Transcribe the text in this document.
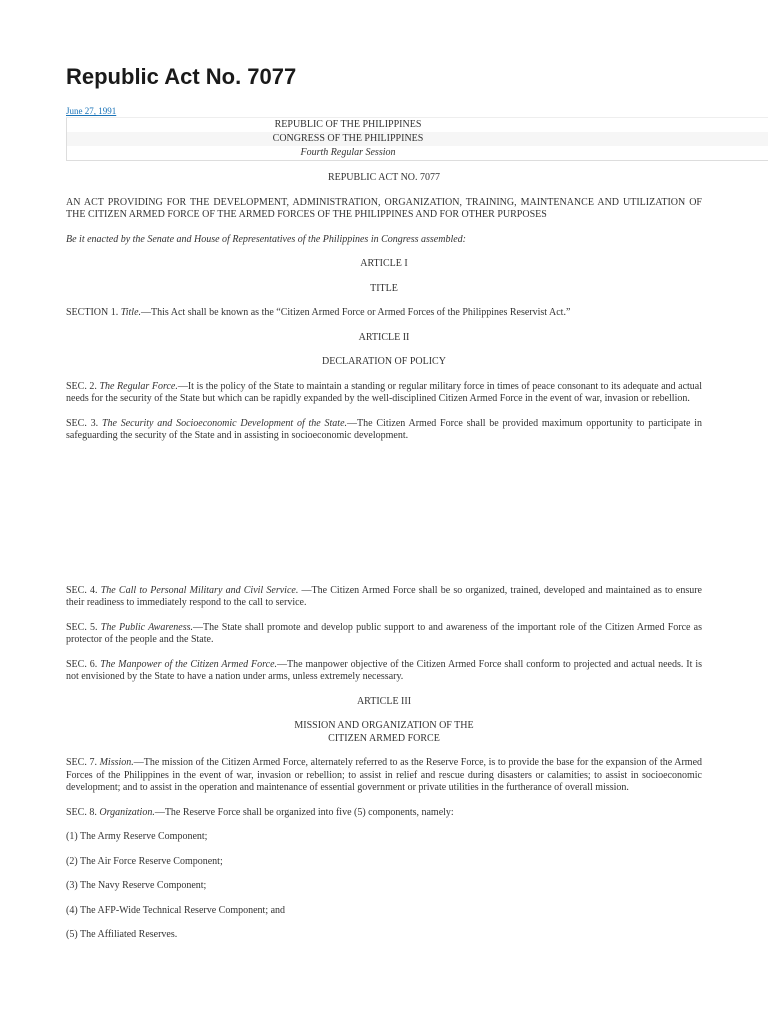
Republic Act No. 7077
June 27, 1991
REPUBLIC OF THE PHILIPPINES
CONGRESS OF THE PHILIPPINES
Fourth Regular Session

REPUBLIC ACT NO. 7077

AN ACT PROVIDING FOR THE DEVELOPMENT, ADMINISTRATION, ORGANIZATION, TRAINING, MAINTENANCE AND UTILIZATION OF THE CITIZEN ARMED FORCE OF THE ARMED FORCES OF THE PHILIPPINES AND FOR OTHER PURPOSES

Be it enacted by the Senate and House of Representatives of the Philippines in Congress assembled:

ARTICLE I

TITLE

SECTION 1. Title.—This Act shall be known as the “Citizen Armed Force or Armed Forces of the Philippines Reservist Act.”

ARTICLE II

DECLARATION OF POLICY

SEC. 2. The Regular Force.—It is the policy of the State to maintain a standing or regular military force in times of peace consonant to its adequate and actual needs for the security of the State but which can be rapidly expanded by the well-disciplined Citizen Armed Force in the event of war, invasion or rebellion.

SEC. 3. The Security and Socioeconomic Development of the State.—The Citizen Armed Force shall be provided maximum opportunity to participate in safeguarding the security of the State and in assisting in socioeconomic development.

SEC. 4. The Call to Personal Military and Civil Service. —The Citizen Armed Force shall be so organized, trained, developed and maintained as to ensure their readiness to immediately respond to the call to service.

SEC. 5. The Public Awareness.—The State shall promote and develop public support to and awareness of the important role of the Citizen Armed Force as protector of the people and the State.

SEC. 6. The Manpower of the Citizen Armed Force.—The manpower objective of the Citizen Armed Force shall conform to projected and actual needs. It is not envisioned by the State to have a nation under arms, unless extremely necessary.

ARTICLE III

MISSION AND ORGANIZATION OF THE
CITIZEN ARMED FORCE

SEC. 7. Mission.—The mission of the Citizen Armed Force, alternately referred to as the Reserve Force, is to provide the base for the expansion of the Armed Forces of the Philippines in the event of war, invasion or rebellion; to assist in relief and rescue during disasters or calamities; to assist in socioeconomic development; and to assist in the operation and maintenance of essential government or private utilities in the furtherance of overall mission.

SEC. 8. Organization.—The Reserve Force shall be organized into five (5) components, namely:

(1) The Army Reserve Component;

(2) The Air Force Reserve Component;

(3) The Navy Reserve Component;

(4) The AFP-Wide Technical Reserve Component; and

(5) The Affiliated Reserves.
